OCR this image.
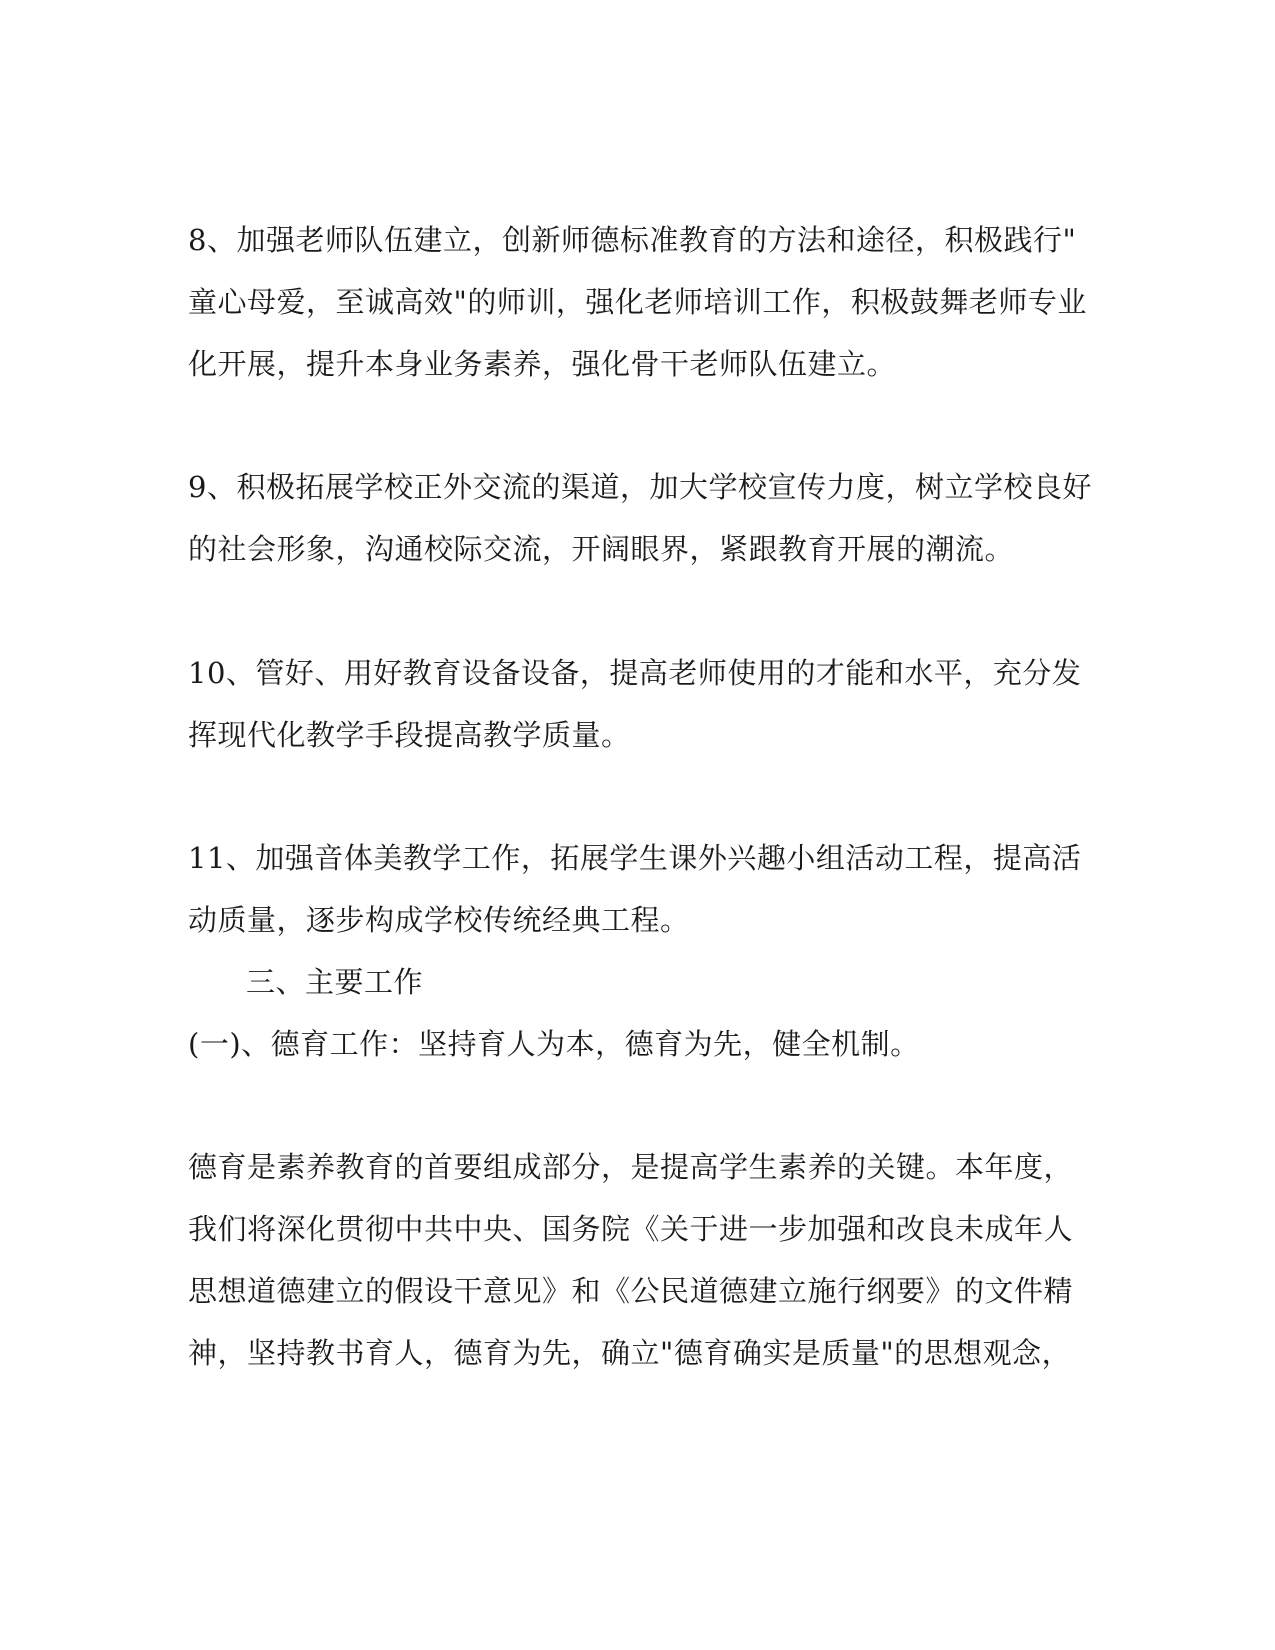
8、加强老师队伍建立，创新师德标准教育的方法和途径，积极践行"
童心母爱，至诚高效"的师训，强化老师培训工作，积极鼓舞老师专业
化开展，提升本身业务素养，强化骨干老师队伍建立。
9、积极拓展学校正外交流的渠道，加大学校宣传力度，树立学校良好
的社会形象，沟通校际交流，开阔眼界，紧跟教育开展的潮流。
10、管好、用好教育设备设备，提高老师使用的才能和水平，充分发
挥现代化教学手段提高教学质量。
11、加强音体美教学工作，拓展学生课外兴趣小组活动工程，提高活
动质量，逐步构成学校传统经典工程。
三、主要工作
(一)、德育工作：坚持育人为本，德育为先，健全机制。
德育是素养教育的首要组成部分，是提高学生素养的关键。本年度，
我们将深化贯彻中共中央、国务院《关于进一步加强和改良未成年人
思想道德建立的假设干意见》和《公民道德建立施行纲要》的文件精
神，坚持教书育人，德育为先，确立"德育确实是质量"的思想观念，
